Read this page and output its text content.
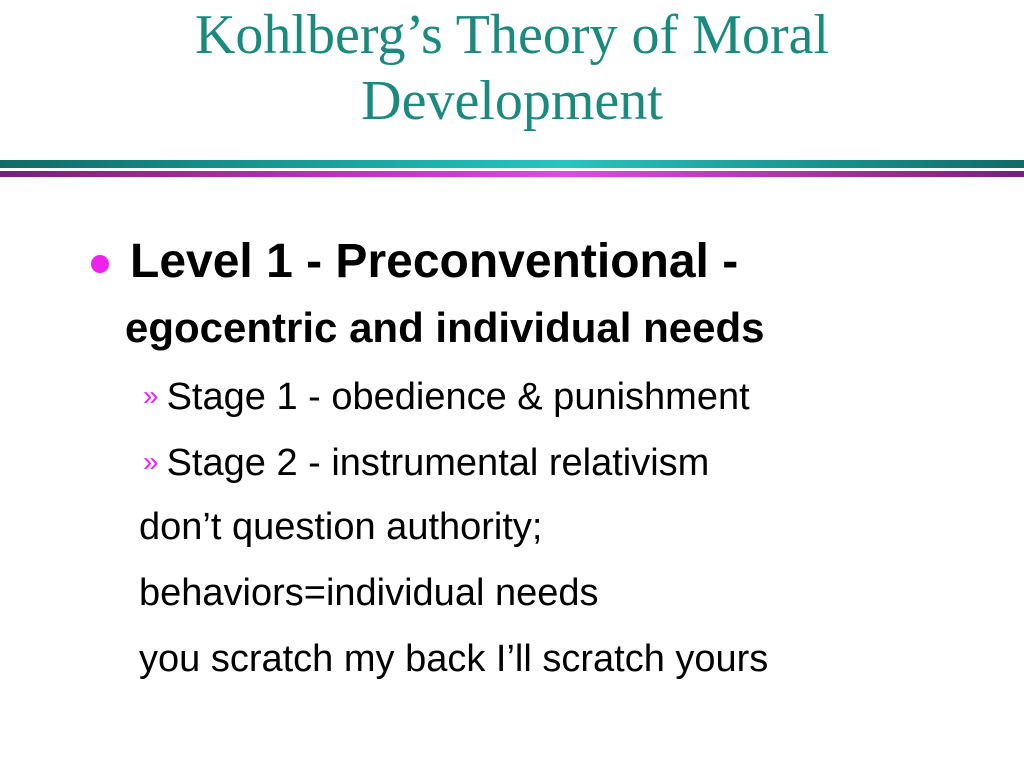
Kohlberg’s Theory of Moral
Development
Level 1 - Preconventional -
egocentric and individual needs
» Stage 1 - obedience & punishment
» Stage 2 - instrumental relativism
don’t question authority;
behaviors=individual needs
you scratch my back I’ll scratch yours
